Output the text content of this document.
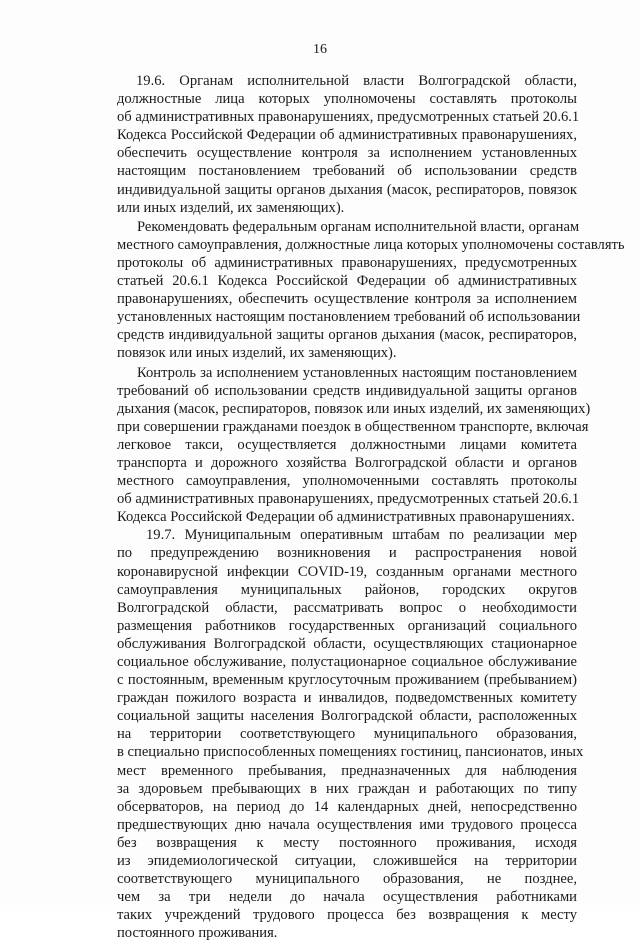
16

19.6. Органам исполнительной власти Волгоградской области,
должностные лица которых уполномочены составлять протоколы
об административных правонарушениях, предусмотренных статьей 20.6.1
Кодекса Российской Федерации об административных правонарушениях,
обеспечить осуществление контроля за исполнением установленных
настоящим постановлением требований об использовании средств
индивидуальной защиты органов дыхания (масок, респираторов, повязок
или иных изделий, их заменяющих).

Рекомендовать федеральным органам исполнительной власти, органам
местного самоуправления, должностные лица которых уполномочены составлять
протоколы об административных правонарушениях, предусмотренных
статьей 20.6.1 Кодекса Российской Федерации об административных
правонарушениях, обеспечить осуществление контроля за исполнением
установленных настоящим постановлением требований об использовании
средств индивидуальной защиты органов дыхания (масок, респираторов,
повязок или иных изделий, их заменяющих).

Контроль за исполнением установленных настоящим постановлением
требований об использовании средств индивидуальной защиты органов
дыхания (масок, респираторов, повязок или иных изделий, их заменяющих)
при совершении гражданами поездок в общественном транспорте, включая
легковое такси, осуществляется должностными лицами комитета
транспорта и дорожного хозяйства Волгоградской области и органов
местного самоуправления, уполномоченными составлять протоколы
об административных правонарушениях, предусмотренных статьей 20.6.1
Кодекса Российской Федерации об административных правонарушениях.

19.7. Муниципальным оперативным штабам по реализации мер
по предупреждению возникновения и распространения новой
коронавирусной инфекции COVID-19, созданным органами местного
самоуправления муниципальных районов, городских округов
Волгоградской области, рассматривать вопрос о необходимости
размещения работников государственных организаций социального
обслуживания Волгоградской области, осуществляющих стационарное
социальное обслуживание, полустационарное социальное обслуживание
с постоянным, временным круглосуточным проживанием (пребыванием)
граждан пожилого возраста и инвалидов, подведомственных комитету
социальной защиты населения Волгоградской области, расположенных
на территории соответствующего муниципального образования,
в специально приспособленных помещениях гостиниц, пансионатов, иных
мест временного пребывания, предназначенных для наблюдения
за здоровьем пребывающих в них граждан и работающих по типу
обсерваторов, на период до 14 календарных дней, непосредственно
предшествующих дню начала осуществления ими трудового процесса
без возвращения к месту постоянного проживания, исходя
из эпидемиологической ситуации, сложившейся на территории
соответствующего муниципального образования, не позднее,
чем за три недели до начала осуществления работниками
таких учреждений трудового процесса без возвращения к месту
постоянного проживания.
